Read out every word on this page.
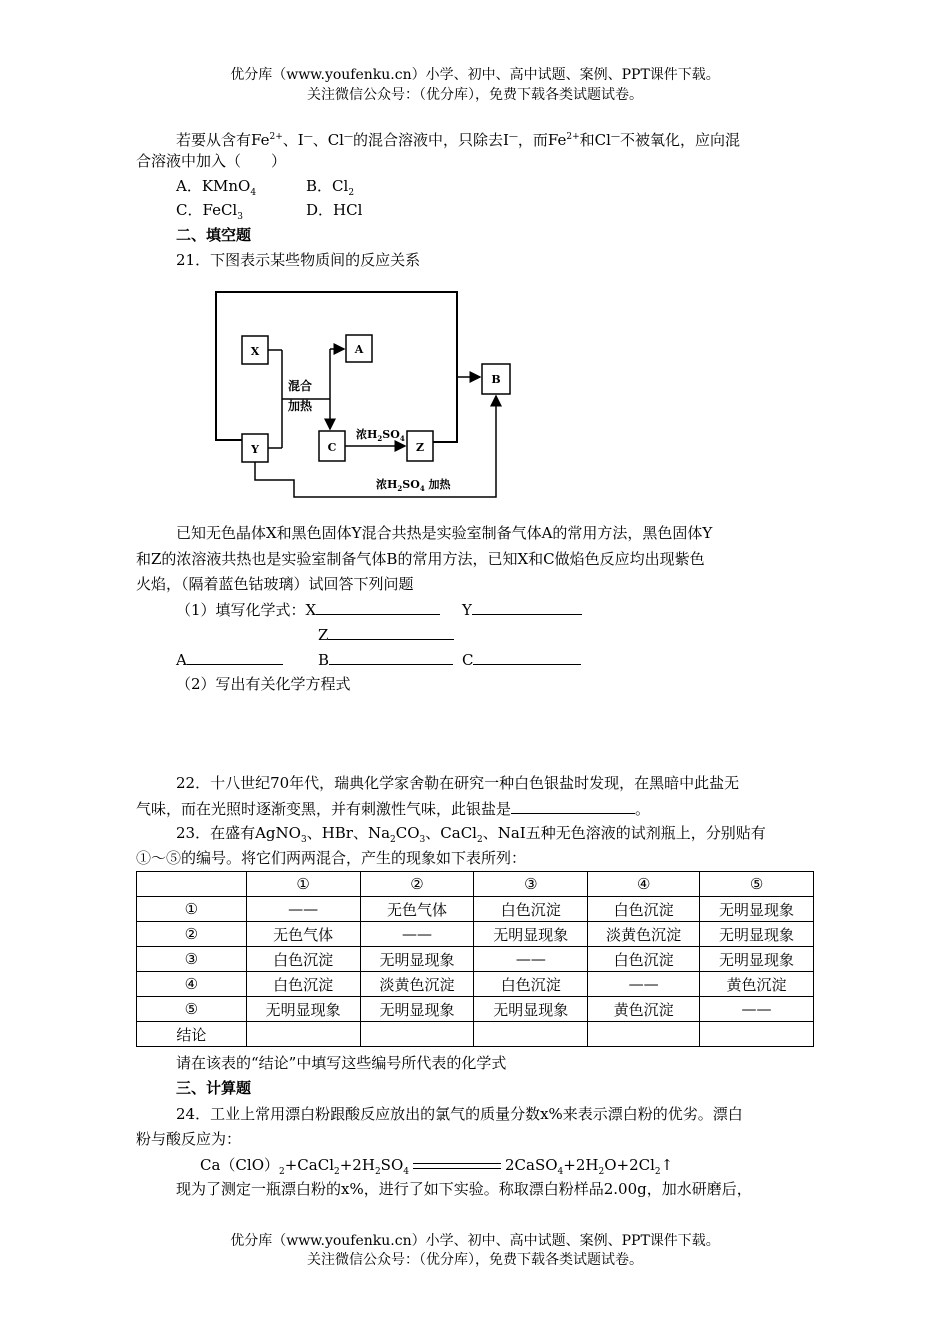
优分库（www.youfenku.cn）小学、初中、高中试题、案例、PPT课件下载。
关注微信公众号：（优分库），免费下载各类试题试卷。
若要从含有$Fe^{2+}$、I—、Cl—的混合溶液中，只除去I—，而$Fe^{2+}$和Cl—不被氧化，应向混
合溶液中加入（　　）
A．KMnO$_4$	B．$Cl_2$
C．FeCl$_3$	D．HCl
二、填空题
21．下图表示某些物质间的反应关系
X
Y
A
C	Z
B
混合
加热
浓$H_2SO_4$
浓$H_2SO_4$ 加热
已知无色晶体X和黑色固体Y混合共热是实验室制备气体A的常用方法，黑色固体Y
和Z的浓溶液共热也是实验室制备气体B的常用方法，已知X和C做焰色反应均出现紫色
火焰，（隔着蓝色钴玻璃）试回答下列问题
（1）填写化学式：X	Y
Z
A	B	C
（2）写出有关化学方程式
22．十八世纪70年代，瑞典化学家舍勒在研究一种白色银盐时发现，在黑暗中此盐无
气味，而在光照时逐渐变黑，并有刺激性气味，此银盐是	。
23．在盛有AgNO$_3$、HBr、$Na_2CO_3$、CaCl$_2$、NaI五种无色溶液的试剂瓶上，分别贴有
①～⑤的编号。将它们两两混合，产生的现象如下表所列：
	①	②	③	④	⑤
①	——	无色气体	白色沉淀	白色沉淀	无明显现象
②	无色气体	——	无明显现象	淡黄色沉淀	无明显现象
③	白色沉淀	无明显现象	——	白色沉淀	无明显现象
④	白色沉淀	淡黄色沉淀	白色沉淀	——	黄色沉淀
⑤	无明显现象	无明显现象	无明显现象	黄色沉淀	——
结论					
请在该表的“结论”中填写这些编号所代表的化学式
三、计算题
24．工业上常用漂白粉跟酸反应放出的氯气的质量分数x%来表示漂白粉的优劣。漂白
粉与酸反应为：
$Ca(ClO)_2+CaCl_2+2H_2SO_4$	$2CaSO_4+2H_2O+2Cl_2↑$
现为了测定一瓶漂白粉的x%，进行了如下实验。称取漂白粉样品2.00g，加水研磨后，
优分库（www.youfenku.cn）小学、初中、高中试题、案例、PPT课件下载。
关注微信公众号：（优分库），免费下载各类试题试卷。
